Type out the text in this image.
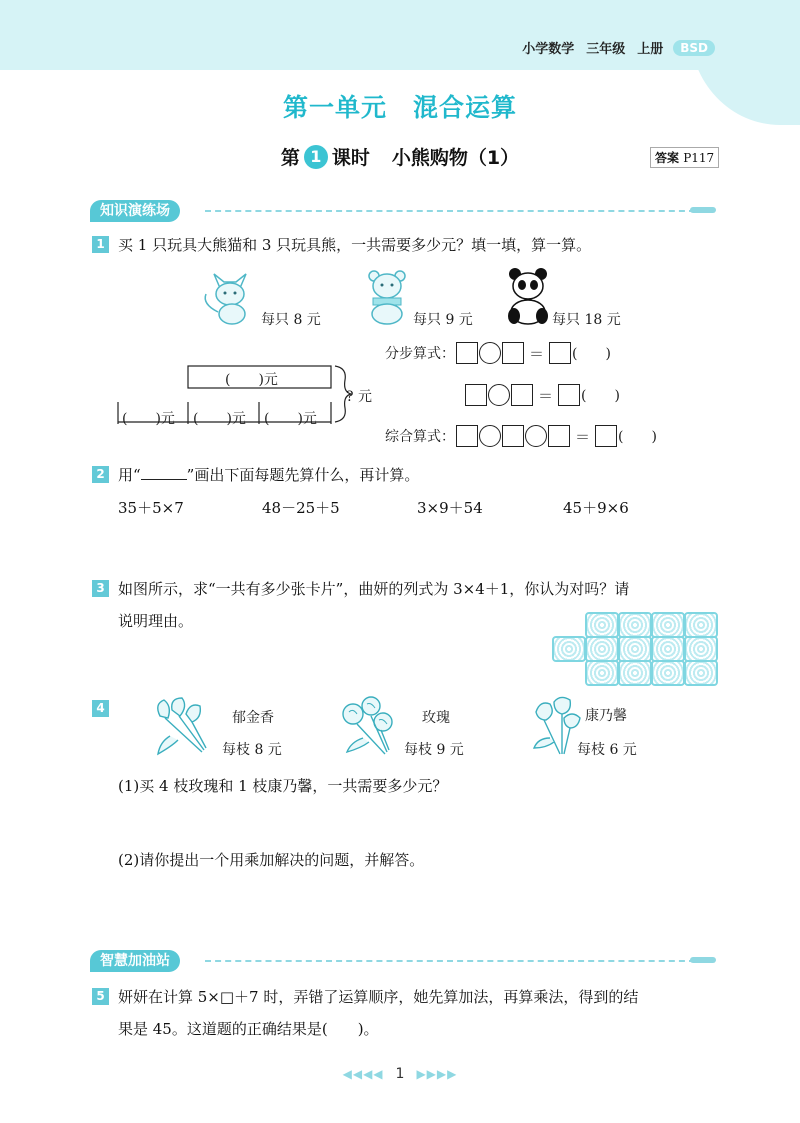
小学数学 三年级 上册	BSD
第一单元　混合运算
第 1 课时 小熊购物（1）	答案 P117
知识演练场
1 买 1 只玩具大熊猫和 3 只玩具熊，一共需要多少元？填一填，算一算。
每只 8 元	每只 9 元	每只 18 元
(　　)元
(　　)元 (　　)元 (　　)元
? 元
分步算式：	＝ (　　)
＝ (　　)
综合算式：	＝ (　　)
2 用“	”画出下面每题先算什么，再计算。
35＋5×7	48－25＋5	3×9＋54	45＋9×6
3 如图所示，求“一共有多少张卡片”，曲妍的列式为 3×4＋1，你认为对吗？请
说明理由。
4
郁金香
每枝 8 元
玫瑰
每枝 9 元
康乃馨
每枝 6 元
(1)买 4 枝玫瑰和 1 枝康乃馨，一共需要多少元？
(2)请你提出一个用乘加解决的问题，并解答。
智慧加油站
5 妍妍在计算 5×□＋7 时，弄错了运算顺序，她先算加法，再算乘法，得到的结
果是 45。这道题的正确结果是(　　)。
◀◀◀◀ 1 ▶▶▶▶
